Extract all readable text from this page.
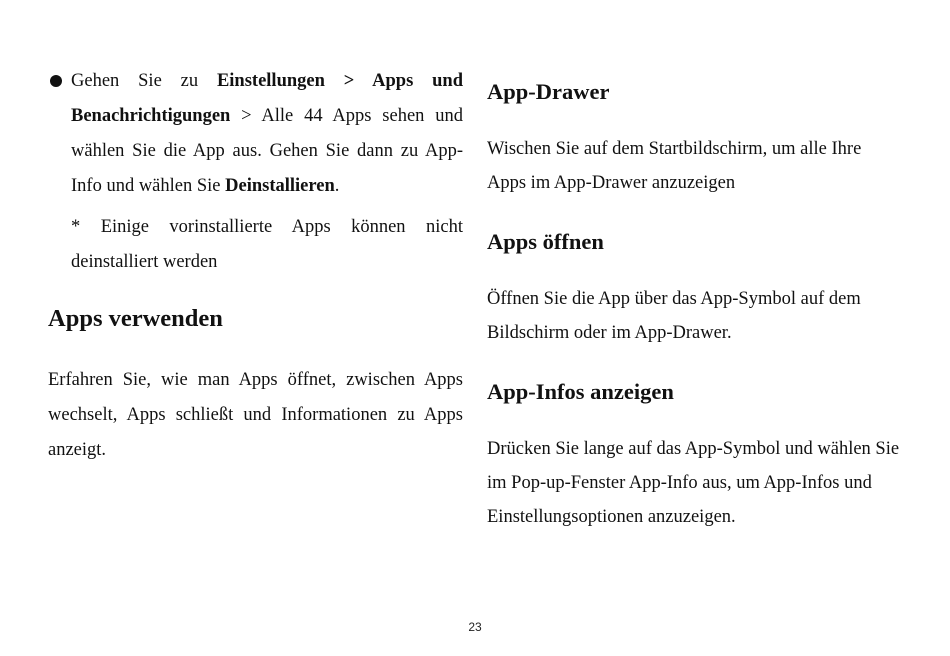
Gehen Sie zu Einstellungen > Apps und Benachrichtigungen > Alle 44 Apps sehen und wählen Sie die App aus. Gehen Sie dann zu App-Info und wählen Sie Deinstallieren.
* Einige vorinstallierte Apps können nicht deinstalliert werden
Apps verwenden
Erfahren Sie, wie man Apps öffnet, zwischen Apps wechselt, Apps schließt und Informationen zu Apps anzeigt.
App-Drawer
Wischen Sie auf dem Startbildschirm, um alle Ihre Apps im App-Drawer anzuzeigen
Apps öffnen
Öffnen Sie die App über das App-Symbol auf dem Bildschirm oder im App-Drawer.
App-Infos anzeigen
Drücken Sie lange auf das App-Symbol und wählen Sie im Pop-up-Fenster App-Info aus, um App-Infos und Einstellungsoptionen anzuzeigen.
23
